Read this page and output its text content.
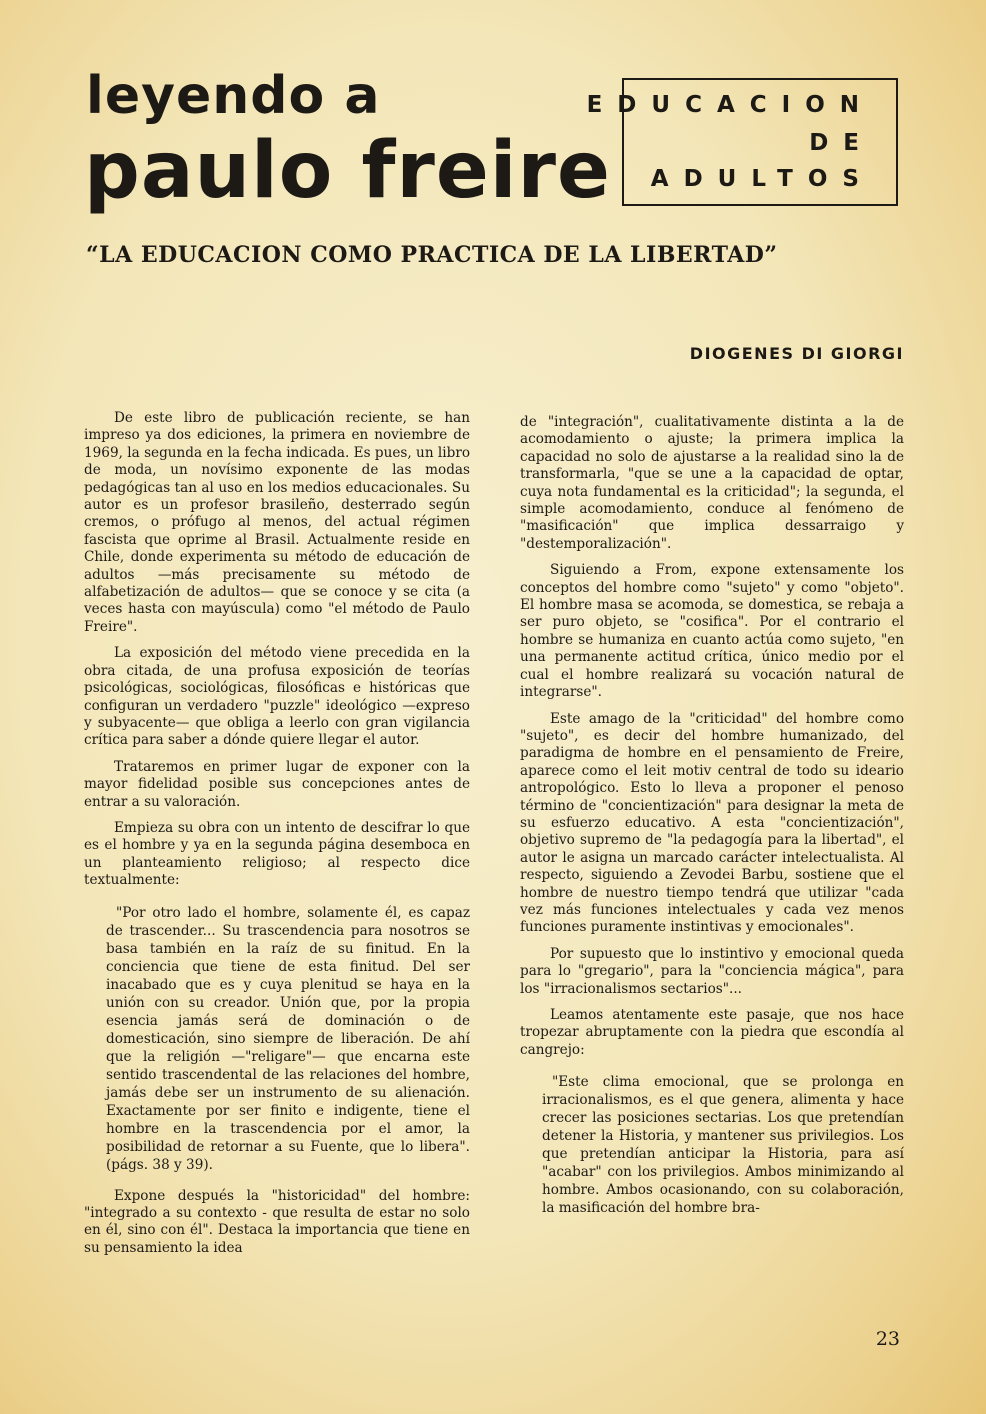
leyendo a
paulo freire
EDUCACION
DE
ADULTOS
“LA EDUCACION COMO PRACTICA DE LA LIBERTAD”
DIOGENES DI GIORGI

De este libro de publicación reciente, se han impreso ya dos ediciones, la primera en noviembre de 1969, la segunda en la fecha indicada. Es pues, un libro de moda, un novísimo exponente de las modas pedagógicas tan al uso en los medios educacionales. Su autor es un profesor brasileño, desterrado según cremos, o prófugo al menos, del actual régimen fascista que oprime al Brasil. Actualmente reside en Chile, donde experimenta su método de educación de adultos —más precisamente su método de alfabetización de adultos— que se conoce y se cita (a veces hasta con mayúscula) como "el método de Paulo Freire".

La exposición del método viene precedida en la obra citada, de una profusa exposición de teorías psicológicas, sociológicas, filosóficas e históricas que configuran un verdadero "puzzle" ideológico —expreso y subyacente— que obliga a leerlo con gran vigilancia crítica para saber a dónde quiere llegar el autor.

Trataremos en primer lugar de exponer con la mayor fidelidad posible sus concepciones antes de entrar a su valoración.

Empieza su obra con un intento de descifrar lo que es el hombre y ya en la segunda página desemboca en un planteamiento religioso; al respecto dice textualmente:

"Por otro lado el hombre, solamente él, es capaz de trascender... Su trascendencia para nosotros se basa también en la raíz de su finitud. En la conciencia que tiene de esta finitud. Del ser inacabado que es y cuya plenitud se haya en la unión con su creador. Unión que, por la propia esencia jamás será de dominación o de domesticación, sino siempre de liberación. De ahí que la religión —"religare"— que encarna este sentido trascendental de las relaciones del hombre, jamás debe ser un instrumento de su alienación. Exactamente por ser finito e indigente, tiene el hombre en la trascendencia por el amor, la posibilidad de retornar a su Fuente, que lo libera". (págs. 38 y 39).

Expone después la "historicidad" del hombre: "integrado a su contexto - que resulta de estar no solo en él, sino con él". Destaca la importancia que tiene en su pensamiento la idea

de "integración", cualitativamente distinta a la de acomodamiento o ajuste; la primera implica la capacidad no solo de ajustarse a la realidad sino la de transformarla, "que se une a la capacidad de optar, cuya nota fundamental es la criticidad"; la segunda, el simple acomodamiento, conduce al fenómeno de "masificación" que implica dessarraigo y "destemporalización".

Siguiendo a From, expone extensamente los conceptos del hombre como "sujeto" y como "objeto". El hombre masa se acomoda, se domestica, se rebaja a ser puro objeto, se "cosifica". Por el contrario el hombre se humaniza en cuanto actúa como sujeto, "en una permanente actitud crítica, único medio por el cual el hombre realizará su vocación natural de integrarse".

Este amago de la "criticidad" del hombre como "sujeto", es decir del hombre humanizado, del paradigma de hombre en el pensamiento de Freire, aparece como el leit motiv central de todo su ideario antropológico. Esto lo lleva a proponer el penoso término de "concientización" para designar la meta de su esfuerzo educativo. A esta "concientización", objetivo supremo de "la pedagogía para la libertad", el autor le asigna un marcado carácter intelectualista. Al respecto, siguiendo a Zevodei Barbu, sostiene que el hombre de nuestro tiempo tendrá que utilizar "cada vez más funciones intelectuales y cada vez menos funciones puramente instintivas y emocionales".

Por supuesto que lo instintivo y emocional queda para lo "gregario", para la "conciencia mágica", para los "irracionalismos sectarios"...

Leamos atentamente este pasaje, que nos hace tropezar abruptamente con la piedra que escondía al cangrejo:

"Este clima emocional, que se prolonga en irracionalismos, es el que genera, alimenta y hace crecer las posiciones sectarias. Los que pretendían detener la Historia, y mantener sus privilegios. Los que pretendían anticipar la Historia, para así "acabar" con los privilegios. Ambos minimizando al hombre. Ambos ocasionando, con su colaboración, la masificación del hombre bra-

23
